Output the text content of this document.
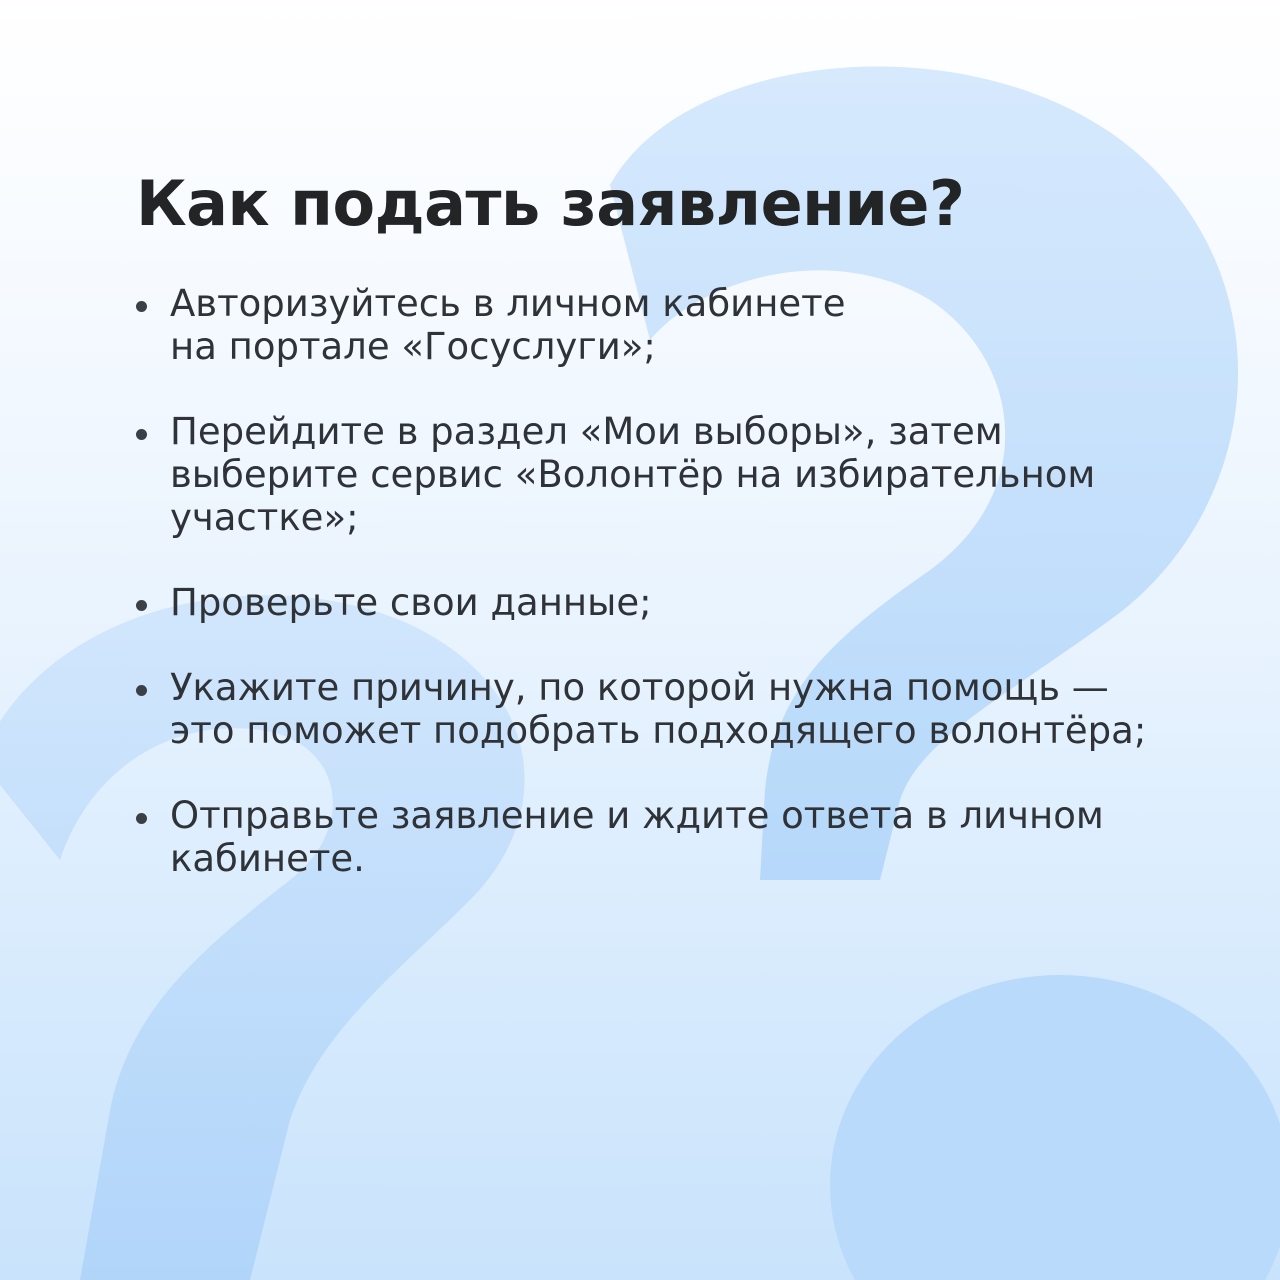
Как подать заявление?
Авторизуйтесь в личном кабинете
на портале «Госуслуги»;
Перейдите в раздел «Мои выборы», затем
выберите сервис «Волонтёр на избирательном
участке»;
Проверьте свои данные;
Укажите причину, по которой нужна помощь —
это поможет подобрать подходящего волонтёра;
Отправьте заявление и ждите ответа в личном
кабинете.
